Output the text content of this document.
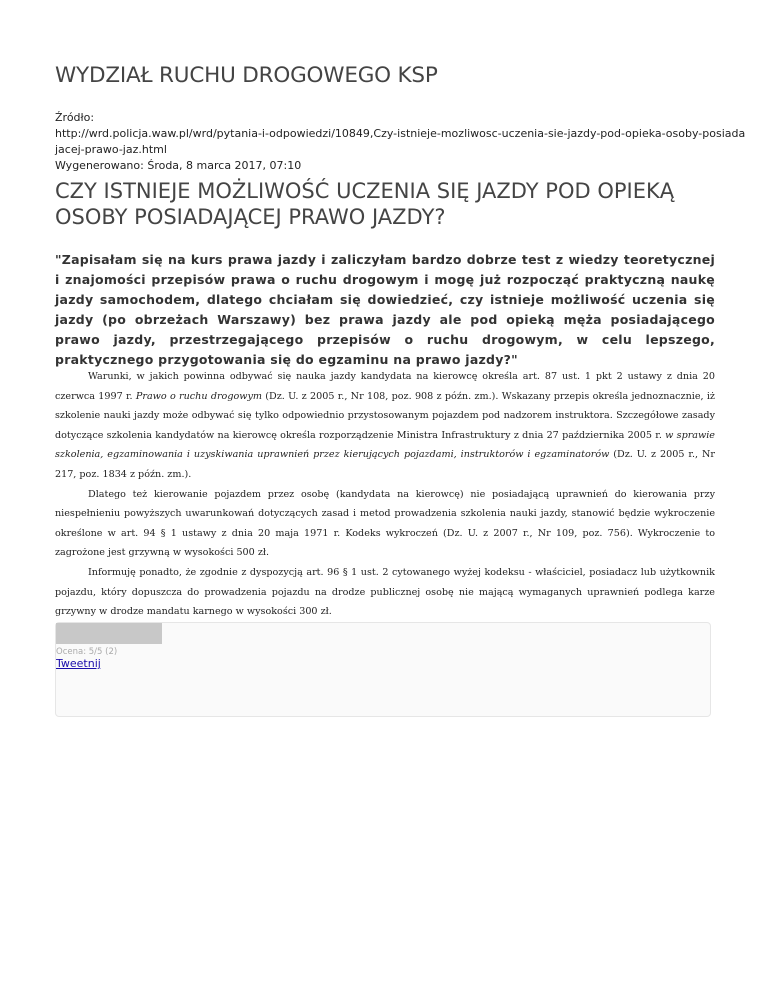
WYDZIAŁ RUCHU DROGOWEGO KSP
Źródło:
http://wrd.policja.waw.pl/wrd/pytania-i-odpowiedzi/10849,Czy-istnieje-mozliwosc-uczenia-sie-jazdy-pod-opieka-osoby-posiada
jacej-prawo-jaz.html
Wygenerowano: Środa, 8 marca 2017, 07:10
CZY ISTNIEJE MOŻLIWOŚĆ UCZENIA SIĘ JAZDY POD OPIEKĄ OSOBY POSIADAJĄCEJ PRAWO JAZDY?

"Zapisałam się na kurs prawa jazdy i zaliczyłam bardzo dobrze test z wiedzy teoretycznej i znajomości przepisów prawa o ruchu drogowym i mogę już rozpocząć praktyczną naukę jazdy samochodem, dlatego chciałam się dowiedzieć, czy istnieje możliwość uczenia się jazdy (po obrzeżach Warszawy) bez prawa jazdy ale pod opieką męża posiadającego prawo jazdy, przestrzegającego przepisów o ruchu drogowym, w celu lepszego, praktycznego przygotowania się do egzaminu na prawo jazdy?"

Warunki, w jakich powinna odbywać się nauka jazdy kandydata na kierowcę określa art. 87 ust. 1 pkt 2 ustawy z dnia 20 czerwca 1997 r. Prawo o ruchu drogowym (Dz. U. z 2005 r., Nr 108, poz. 908 z późn. zm.). Wskazany przepis określa jednoznacznie, iż szkolenie nauki jazdy może odbywać się tylko odpowiednio przystosowanym pojazdem pod nadzorem instruktora. Szczegółowe zasady dotyczące szkolenia kandydatów na kierowcę określa rozporządzenie Ministra Infrastruktury z dnia 27 października 2005 r. w sprawie szkolenia, egzaminowania i uzyskiwania uprawnień przez kierujących pojazdami, instruktorów i egzaminatorów (Dz. U. z 2005 r., Nr 217, poz. 1834 z późn. zm.).

Dlatego też kierowanie pojazdem przez osobę (kandydata na kierowcę) nie posiadającą uprawnień do kierowania przy niespełnieniu powyższych uwarunkowań dotyczących zasad i metod prowadzenia szkolenia nauki jazdy, stanowić będzie wykroczenie określone w art. 94 § 1 ustawy z dnia 20 maja 1971 r. Kodeks wykroczeń (Dz. U. z 2007 r., Nr 109, poz. 756). Wykroczenie to zagrożone jest grzywną w wysokości 500 zł.

Informuję ponadto, że zgodnie z dyspozycją art. 96 § 1 ust. 2 cytowanego wyżej kodeksu - właściciel, posiadacz lub użytkownik pojazdu, który dopuszcza do prowadzenia pojazdu na drodze publicznej osobę nie mającą wymaganych uprawnień podlega karze grzywny w drodze mandatu karnego w wysokości 300 zł.

Ocena: 5/5 (2)
Tweetnij
